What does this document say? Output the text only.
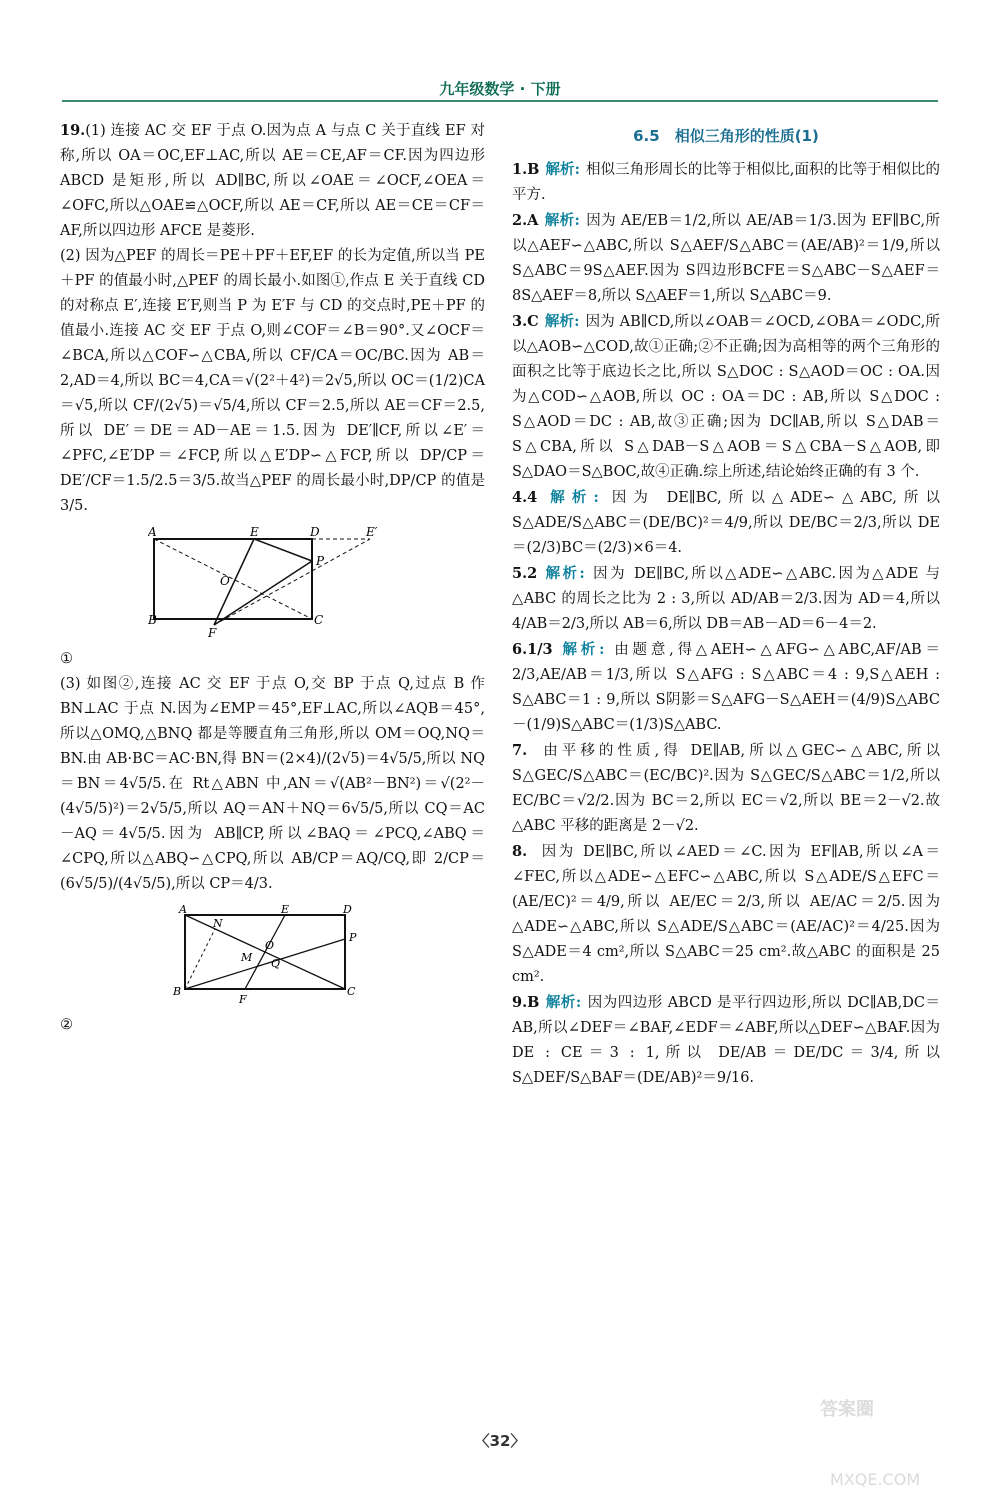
九年级数学 · 下册

19.(1) 连接 AC 交 EF 于点 O.因为点 A 与点 C 关于直线 EF 对称,所以 OA＝OC,EF⊥AC,所以 AE＝CE,AF＝CF.因为四边形 ABCD 是矩形,所以 AD∥BC,所以∠OAE＝∠OCF,∠OEA＝∠OFC,所以△OAE≌△OCF,所以 AE＝CF,所以 AE＝CE＝CF＝AF,所以四边形 AFCE 是菱形.

(2) 因为△PEF 的周长＝PE＋PF＋EF,EF 的长为定值,所以当 PE＋PF 的值最小时,△PEF 的周长最小.如图①,作点 E 关于直线 CD 的对称点 E′,连接 E′F,则当 P 为 E′F 与 CD 的交点时,PE＋PF 的值最小.连接 AC 交 EF 于点 O,则∠COF＝∠B＝90°.又∠OCF＝∠BCA,所以△COF∽△CBA,所以 CF/CA＝OC/BC.因为 AB＝2,AD＝4,所以 BC＝4,CA＝√(2²＋4²)＝2√5,所以 OC＝(1/2)CA＝√5,所以 CF/(2√5)＝√5/4,所以 CF＝2.5,所以 AE＝CF＝2.5,所以 DE′＝DE＝AD－AE＝1.5.因为 DE′∥CF,所以∠E′＝∠PFC,∠E′DP＝∠FCP,所以△E′DP∽△FCP,所以 DP/CP＝DE′/CF＝1.5/2.5＝3/5.故当△PEF 的周长最小时,DP/CP 的值是 3/5.

A	E	D	E′
B	C
P
O
F

①

(3) 如图②,连接 AC 交 EF 于点 O,交 BP 于点 Q,过点 B 作 BN⊥AC 于点 N.因为∠EMP＝45°,EF⊥AC,所以∠AQB＝45°,所以△OMQ,△BNQ 都是等腰直角三角形,所以 OM＝OQ,NQ＝BN.由 AB·BC＝AC·BN,得 BN＝(2×4)/(2√5)＝4√5/5,所以 NQ＝BN＝4√5/5.在 Rt△ABN 中,AN＝√(AB²－BN²)＝√(2²－(4√5/5)²)＝2√5/5,所以 AQ＝AN＋NQ＝6√5/5,所以 CQ＝AC－AQ＝4√5/5.因为 AB∥CP,所以∠BAQ＝∠PCQ,∠ABQ＝∠CPQ,所以△ABQ∽△CPQ,所以 AB/CP＝AQ/CQ,即 2/CP＝(6√5/5)/(4√5/5),所以 CP＝4/3.

A	E	D
B	C
P
N
M
O
Q
F

②

6.5　相似三角形的性质(1)

1.B 解析: 相似三角形周长的比等于相似比,面积的比等于相似比的平方.

2.A 解析: 因为 AE/EB＝1/2,所以 AE/AB＝1/3.因为 EF∥BC,所以△AEF∽△ABC,所以 S△AEF/S△ABC＝(AE/AB)²＝1/9,所以 S△ABC＝9S△AEF.因为 S四边形BCFE＝S△ABC－S△AEF＝8S△AEF＝8,所以 S△AEF＝1,所以 S△ABC＝9.

3.C 解析: 因为 AB∥CD,所以∠OAB＝∠OCD,∠OBA＝∠ODC,所以△AOB∽△COD,故①正确;②不正确;因为高相等的两个三角形的面积之比等于底边长之比,所以 S△DOC : S△AOD＝OC : OA.因为△COD∽△AOB,所以 OC : OA＝DC : AB,所以 S△DOC : S△AOD＝DC : AB,故③正确;因为 DC∥AB,所以 S△DAB＝S△CBA,所以 S△DAB－S△AOB＝S△CBA－S△AOB,即 S△DAO＝S△BOC,故④正确.综上所述,结论始终正确的有 3 个.

4.4 解析: 因为 DE∥BC,所以△ADE∽△ABC,所以 S△ADE/S△ABC＝(DE/BC)²＝4/9,所以 DE/BC＝2/3,所以 DE＝(2/3)BC＝(2/3)×6＝4.

5.2 解析: 因为 DE∥BC,所以△ADE∽△ABC.因为△ADE 与△ABC 的周长之比为 2 : 3,所以 AD/AB＝2/3.因为 AD＝4,所以 4/AB＝2/3,所以 AB＝6,所以 DB＝AB－AD＝6－4＝2.

6.1/3 解析: 由题意,得△AEH∽△AFG∽△ABC,AF/AB＝2/3,AE/AB＝1/3,所以 S△AFG : S△ABC＝4 : 9,S△AEH : S△ABC＝1 : 9,所以 S阴影＝S△AFG－S△AEH＝(4/9)S△ABC－(1/9)S△ABC＝(1/3)S△ABC.

7. 由平移的性质,得 DE∥AB,所以△GEC∽△ABC,所以 S△GEC/S△ABC＝(EC/BC)².因为 S△GEC/S△ABC＝1/2,所以 EC/BC＝√2/2.因为 BC＝2,所以 EC＝√2,所以 BE＝2－√2.故△ABC 平移的距离是 2－√2.

8. 因为 DE∥BC,所以∠AED＝∠C.因为 EF∥AB,所以∠A＝∠FEC,所以△ADE∽△EFC∽△ABC,所以 S△ADE/S△EFC＝(AE/EC)²＝4/9,所以 AE/EC＝2/3,所以 AE/AC＝2/5.因为△ADE∽△ABC,所以 S△ADE/S△ABC＝(AE/AC)²＝4/25.因为 S△ADE＝4 cm²,所以 S△ABC＝25 cm².故△ABC 的面积是 25 cm².

9.B 解析: 因为四边形 ABCD 是平行四边形,所以 DC∥AB,DC＝AB,所以∠DEF＝∠BAF,∠EDF＝∠ABF,所以△DEF∽△BAF.因为 DE : CE＝3 : 1,所以 DE/AB＝DE/DC＝3/4,所以 S△DEF/S△BAF＝(DE/AB)²＝9/16.

〈32〉
答案圈
MXQE.COM
